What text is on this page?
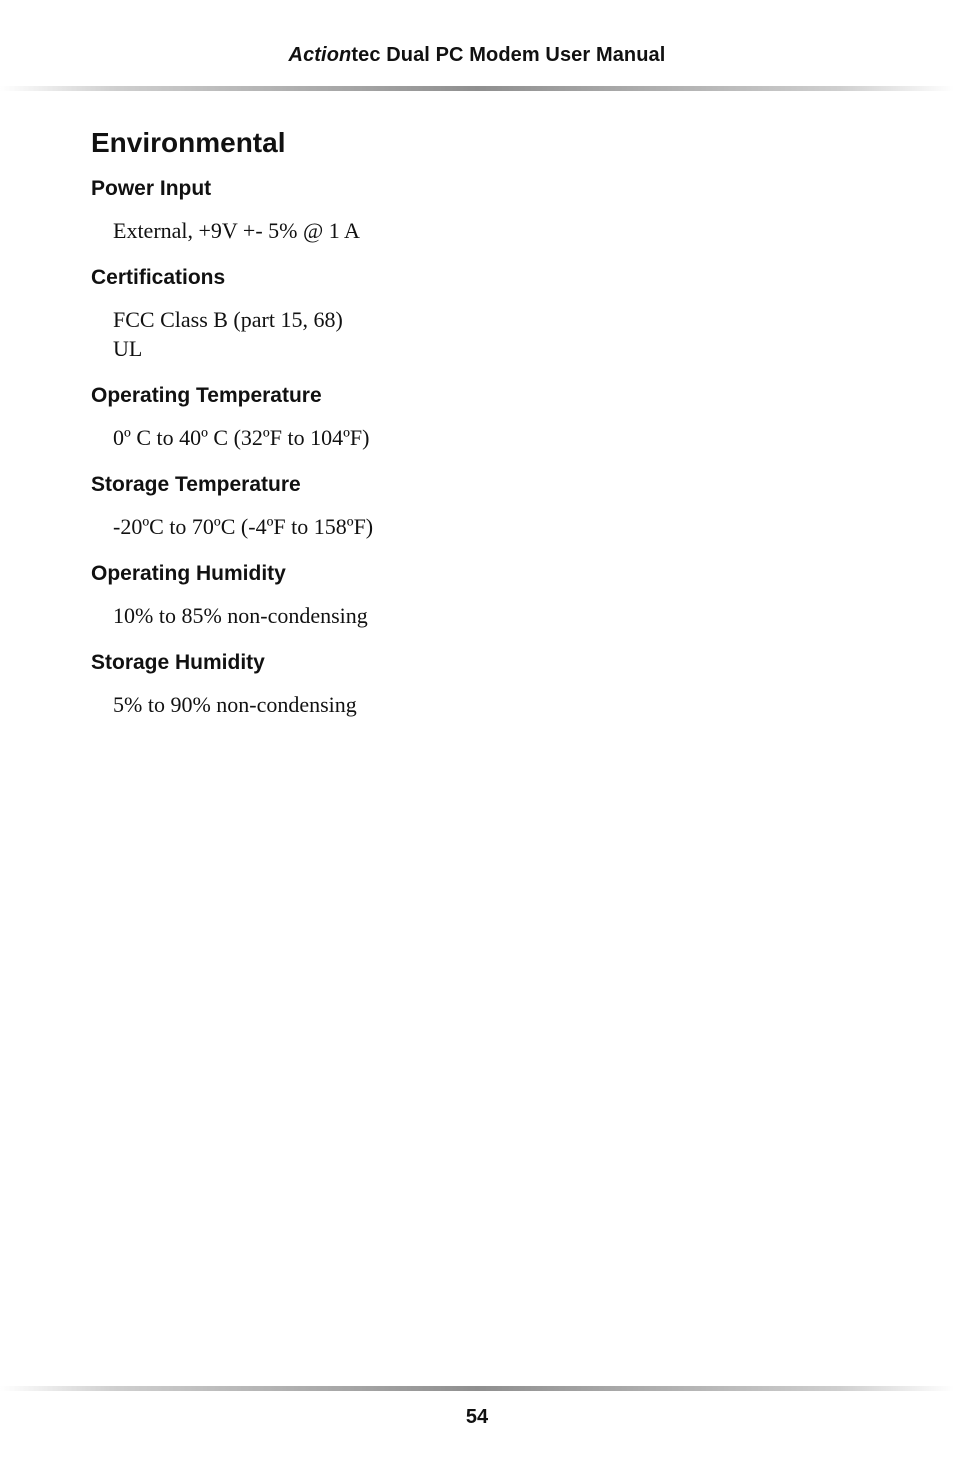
Actiontec Dual PC Modem User Manual
Environmental
Power Input
External, +9V +- 5% @ 1 A
Certifications
FCC Class B (part 15, 68)
UL
Operating Temperature
0º C to 40º C (32ºF to 104ºF)
Storage Temperature
-20ºC to 70ºC (-4ºF to 158ºF)
Operating Humidity
10% to 85% non-condensing
Storage Humidity
5% to 90% non-condensing
54
